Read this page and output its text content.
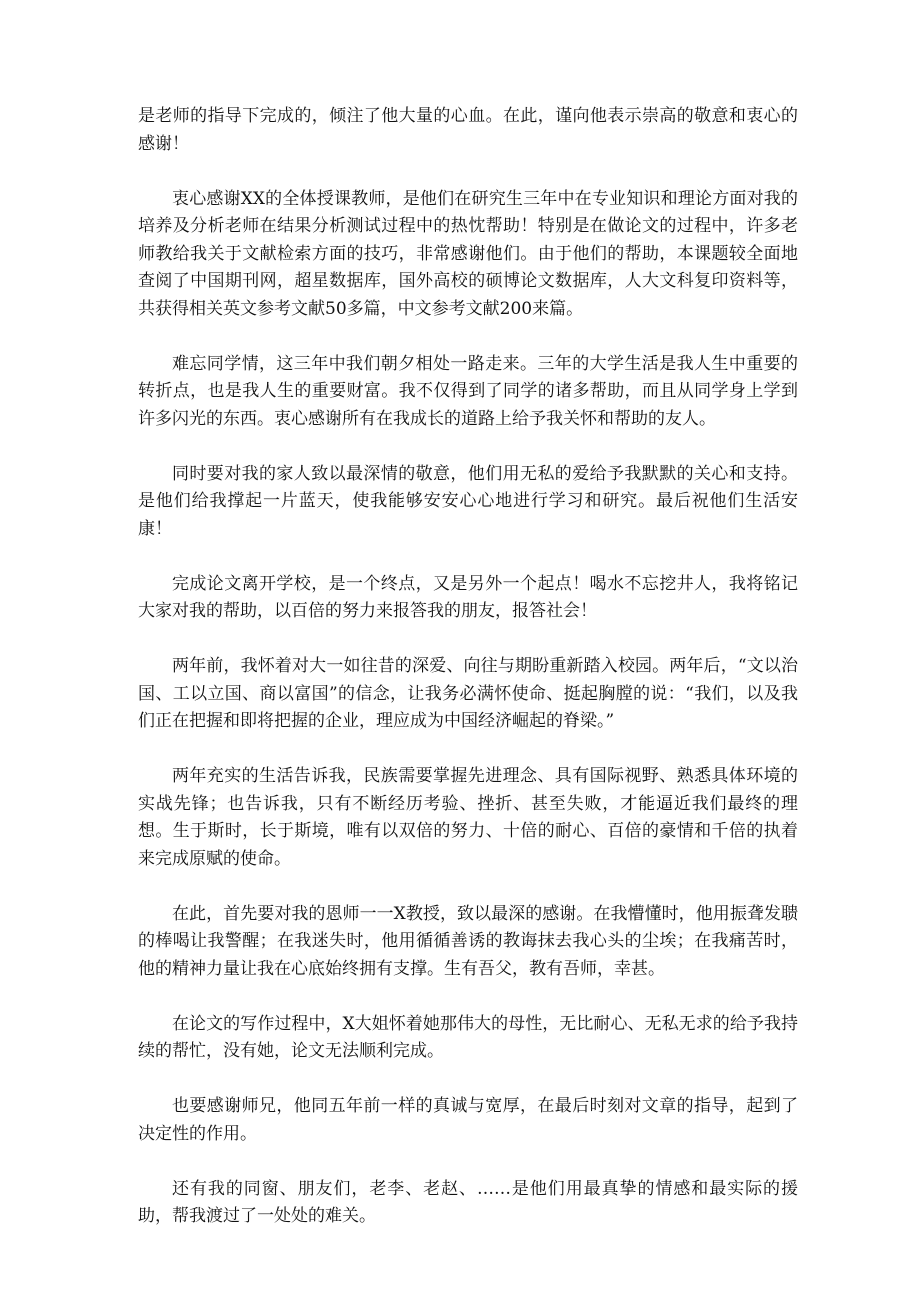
是老师的指导下完成的，倾注了他大量的心血。在此，谨向他表示崇高的敬意和衷心的感谢！

衷心感谢XX的全体授课教师，是他们在研究生三年中在专业知识和理论方面对我的培养及分析老师在结果分析测试过程中的热忱帮助！特别是在做论文的过程中，许多老师教给我关于文献检索方面的技巧，非常感谢他们。由于他们的帮助，本课题较全面地查阅了中国期刊网，超星数据库，国外高校的硕博论文数据库，人大文科复印资料等，共获得相关英文参考文献50多篇，中文参考文献200来篇。

难忘同学情，这三年中我们朝夕相处一路走来。三年的大学生活是我人生中重要的转折点，也是我人生的重要财富。我不仅得到了同学的诸多帮助，而且从同学身上学到许多闪光的东西。衷心感谢所有在我成长的道路上给予我关怀和帮助的友人。

同时要对我的家人致以最深情的敬意，他们用无私的爱给予我默默的关心和支持。是他们给我撑起一片蓝天，使我能够安安心心地进行学习和研究。最后祝他们生活安康！

完成论文离开学校，是一个终点，又是另外一个起点！喝水不忘挖井人，我将铭记大家对我的帮助，以百倍的努力来报答我的朋友，报答社会！

两年前，我怀着对大一如往昔的深爱、向往与期盼重新踏入校园。两年后，“文以治国、工以立国、商以富国”的信念，让我务必满怀使命、挺起胸膛的说：“我们，以及我们正在把握和即将把握的企业，理应成为中国经济崛起的脊梁。”

两年充实的生活告诉我，民族需要掌握先进理念、具有国际视野、熟悉具体环境的实战先锋；也告诉我，只有不断经历考验、挫折、甚至失败，才能逼近我们最终的理想。生于斯时，长于斯境，唯有以双倍的努力、十倍的耐心、百倍的豪情和千倍的执着来完成原赋的使命。

在此，首先要对我的恩师一一X教授，致以最深的感谢。在我懵懂时，他用振聋发聩的棒喝让我警醒；在我迷失时，他用循循善诱的教诲抹去我心头的尘埃；在我痛苦时，他的精神力量让我在心底始终拥有支撑。生有吾父，教有吾师，幸甚。

在论文的写作过程中，X大姐怀着她那伟大的母性，无比耐心、无私无求的给予我持续的帮忙，没有她，论文无法顺利完成。

也要感谢师兄，他同五年前一样的真诚与宽厚，在最后时刻对文章的指导，起到了决定性的作用。

还有我的同窗、朋友们，老李、老赵、……是他们用最真挚的情感和最实际的援助，帮我渡过了一处处的难关。
